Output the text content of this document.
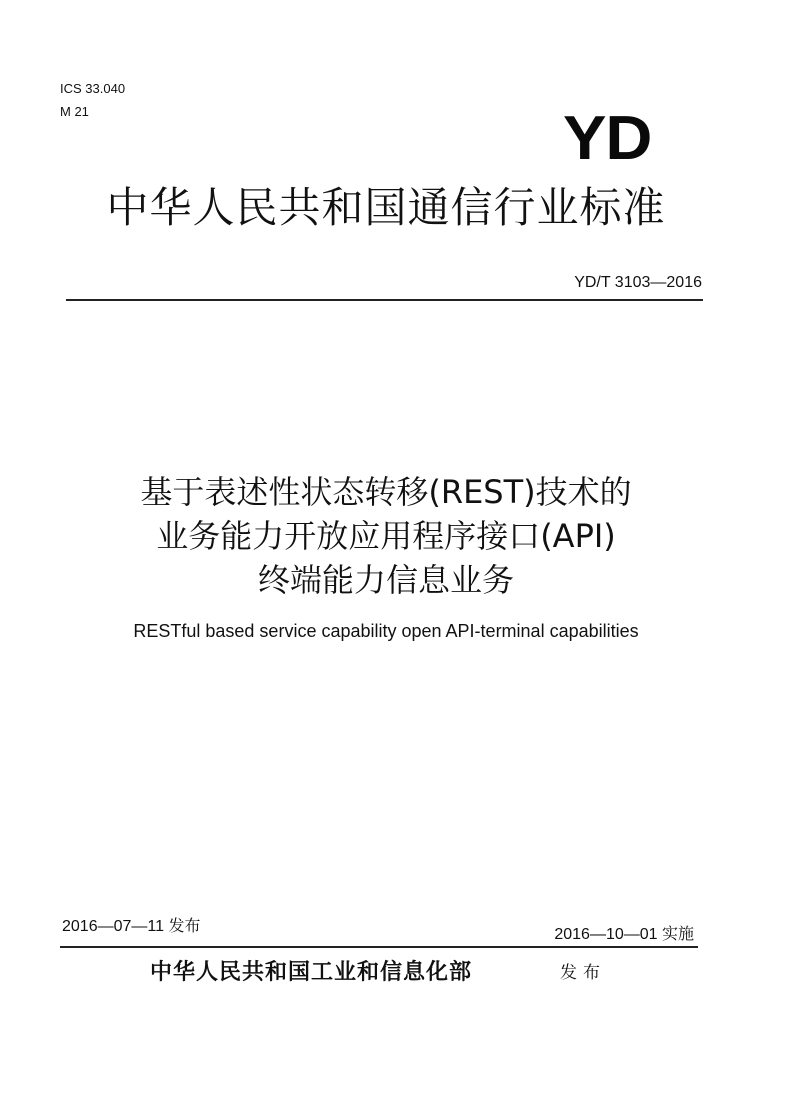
ICS 33.040
M 21	YD
中华人民共和国通信行业标准
YD/T 3103—2016
基于表述性状态转移(REST)技术的
业务能力开放应用程序接口(API)
终端能力信息业务
RESTful based service capability open API-terminal capabilities
2016—07—11 发布	2016—10—01 实施
中华人民共和国工业和信息化部	发布
